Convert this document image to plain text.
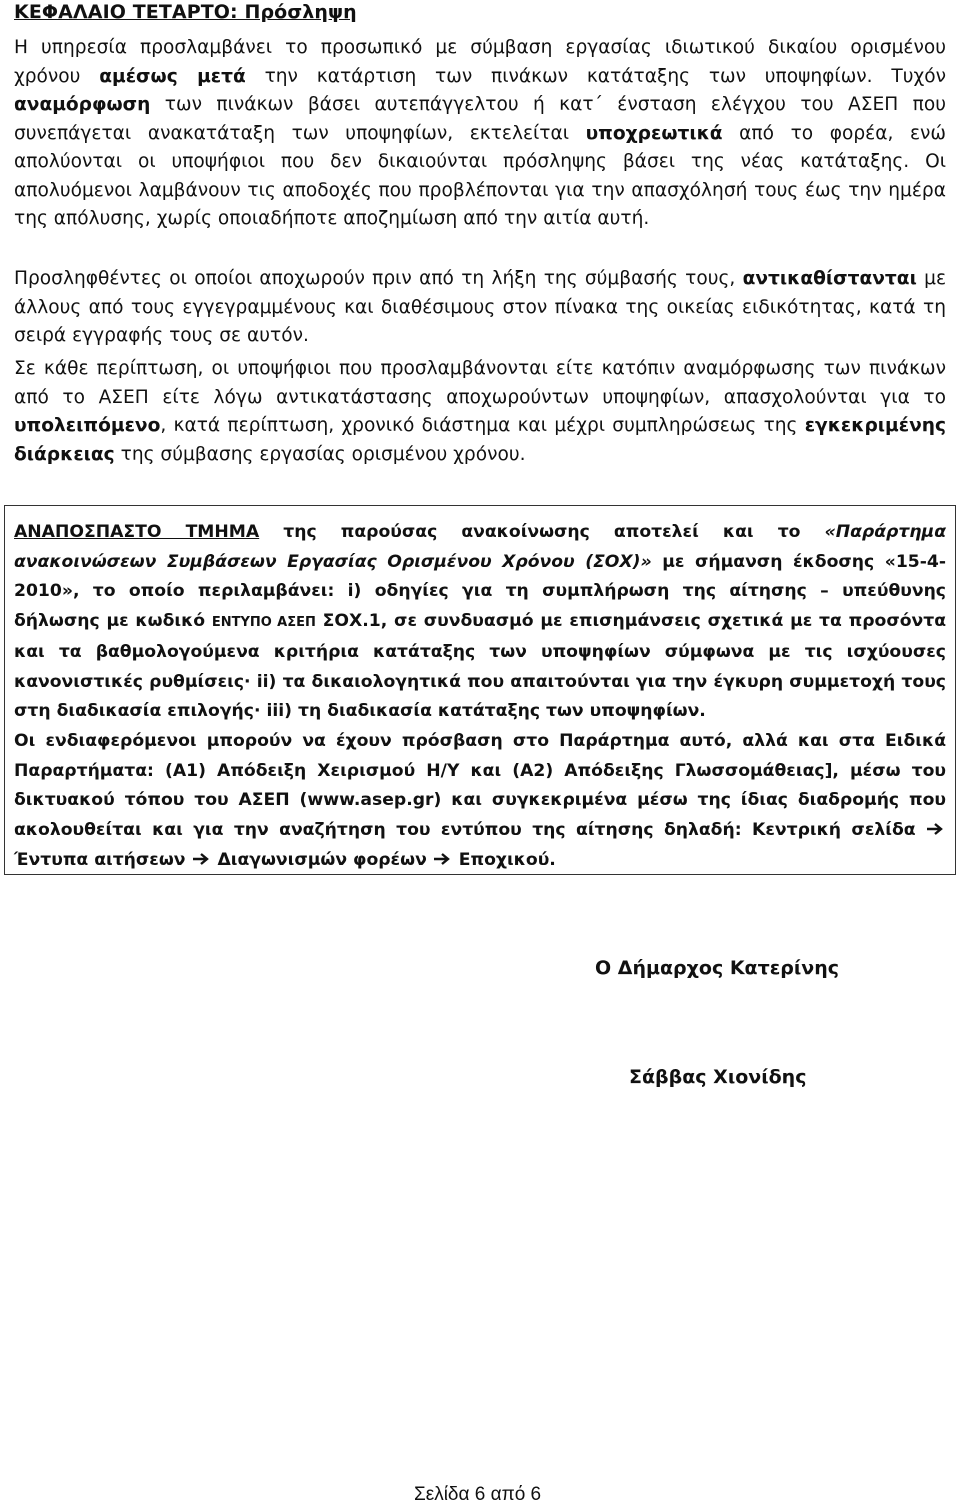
ΚΕΦΑΛΑΙΟ ΤΕΤΑΡΤΟ: Πρόσληψη

Η υπηρεσία προσλαμβάνει το προσωπικό με σύμβαση εργασίας ιδιωτικού δικαίου ορισμένου χρόνου αμέσως μετά την κατάρτιση των πινάκων κατάταξης των υποψηφίων. Τυχόν αναμόρφωση των πινάκων βάσει αυτεπάγγελτου ή κατ΄ ένσταση ελέγχου του ΑΣΕΠ που συνεπάγεται ανακατάταξη των υποψηφίων, εκτελείται υποχρεωτικά από το φορέα, ενώ απολύονται οι υποψήφιοι που δεν δικαιούνται πρόσληψης βάσει της νέας κατάταξης. Οι απολυόμενοι λαμβάνουν τις αποδοχές που προβλέπονται για την απασχόλησή τους έως την ημέρα της απόλυσης, χωρίς οποιαδήποτε αποζημίωση από την αιτία αυτή.

Προσληφθέντες οι οποίοι αποχωρούν πριν από τη λήξη της σύμβασής τους, αντικαθίστανται με άλλους από τους εγγεγραμμένους και διαθέσιμους στον πίνακα της οικείας ειδικότητας, κατά τη σειρά εγγραφής τους σε αυτόν.

Σε κάθε περίπτωση, οι υποψήφιοι που προσλαμβάνονται είτε κατόπιν αναμόρφωσης των πινάκων από το ΑΣΕΠ είτε λόγω αντικατάστασης αποχωρούντων υποψηφίων, απασχολούνται για το υπολειπόμενο, κατά περίπτωση, χρονικό διάστημα και μέχρι συμπληρώσεως της εγκεκριμένης διάρκειας της σύμβασης εργασίας ορισμένου χρόνου.

ΑΝΑΠΟΣΠΑΣΤΟ ΤΜΗΜΑ της παρούσας ανακοίνωσης αποτελεί και το «Παράρτημα ανακοινώσεων Συμβάσεων Εργασίας Ορισμένου Χρόνου (ΣΟΧ)» με σήμανση έκδοσης «15-4-2010», το οποίο περιλαμβάνει: i) οδηγίες για τη συμπλήρωση της αίτησης – υπεύθυνης δήλωσης με κωδικό ΕΝΤΥΠΟ ΑΣΕΠ ΣΟΧ.1, σε συνδυασμό με επισημάνσεις σχετικά με τα προσόντα και τα βαθμολογούμενα κριτήρια κατάταξης των υποψηφίων σύμφωνα με τις ισχύουσες κανονιστικές ρυθμίσεις· ii) τα δικαιολογητικά που απαιτούνται για την έγκυρη συμμετοχή τους στη διαδικασία επιλογής· iii) τη διαδικασία κατάταξης των υποψηφίων.
Οι ενδιαφερόμενοι μπορούν να έχουν πρόσβαση στο Παράρτημα αυτό, αλλά και στα Ειδικά Παραρτήματα: (Α1) Απόδειξη Χειρισμού Η/Υ και (Α2) Απόδειξης Γλωσσομάθειας], μέσω του δικτυακού τόπου του ΑΣΕΠ (www.asep.gr) και συγκεκριμένα μέσω της ίδιας διαδρομής που ακολουθείται και για την αναζήτηση του εντύπου της αίτησης δηλαδή: Κεντρική σελίδα  Έντυπα αιτήσεων Διαγωνισμών φορέων Εποχικού.

Ο Δήμαρχος Κατερίνης
Σάββας Χιονίδης
Σελίδα 6 από 6
